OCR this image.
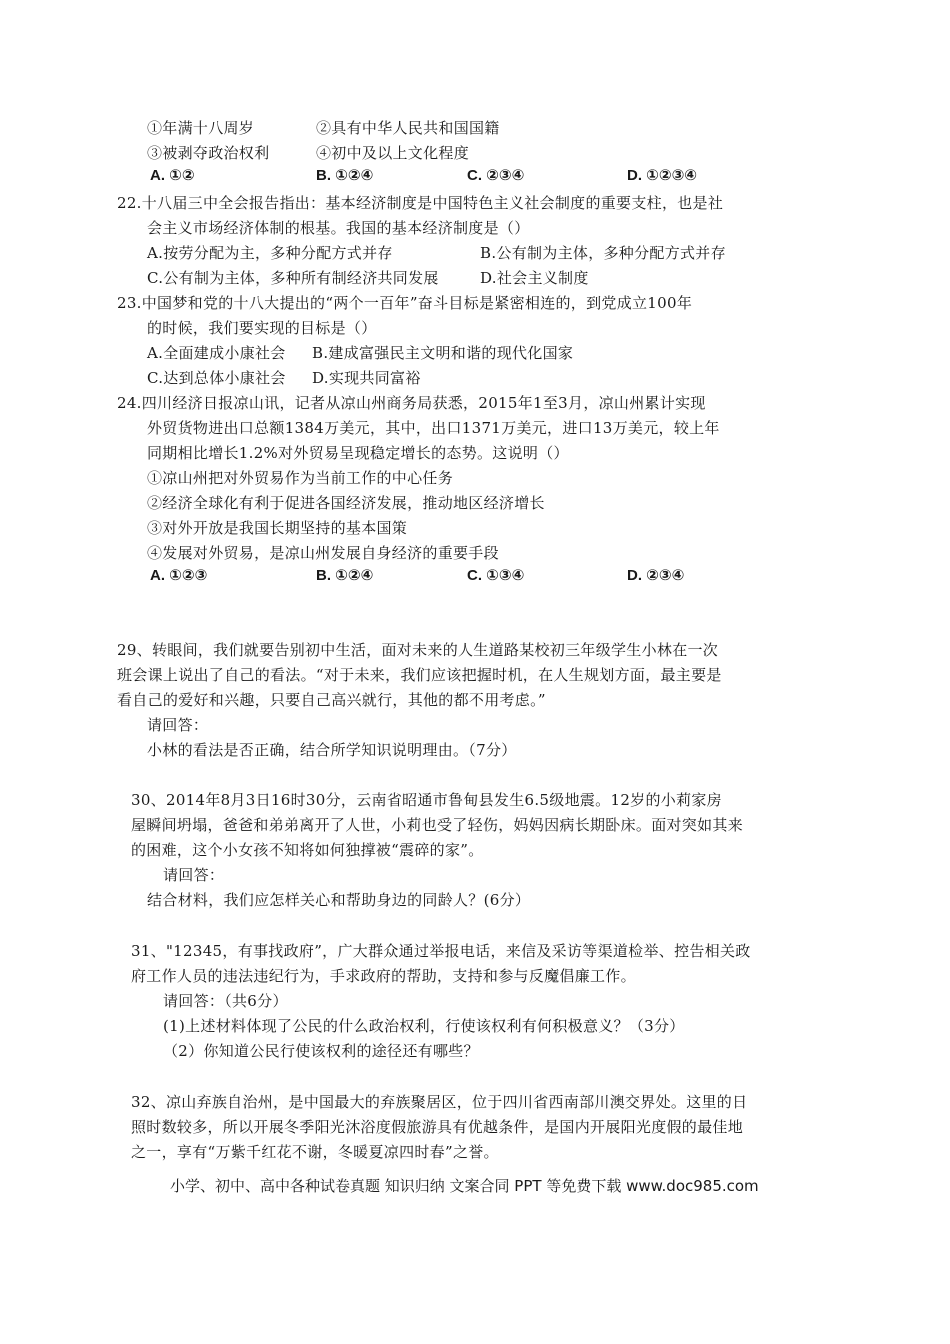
①年满十八周岁	②具有中华人民共和国国籍
③被剥夺政治权利	④初中及以上文化程度
A. ①②	B. ①②④	C. ②③④	D. ①②③④
22.十八届三中全会报告指出：基本经济制度是中国特色主义社会制度的重要支柱，也是社
会主义市场经济体制的根基。我国的基本经济制度是（）
A.按劳分配为主，多种分配方式并存	B.公有制为主体，多种分配方式并存
C.公有制为主体，多种所有制经济共同发展	D.社会主义制度
23.中国梦和党的十八大提出的“两个一百年”奋斗目标是紧密相连的，到党成立100年
的时候，我们要实现的目标是（）
A.全面建成小康社会 B.建成富强民主文明和谐的现代化国家
C.达到总体小康社会 D.实现共同富裕
24.四川经济日报凉山讯，记者从凉山州商务局获悉，2015年1至3月，凉山州累计实现
外贸货物进出口总额1384万美元，其中，出口1371万美元，进口13万美元，较上年
同期相比增长1.2%对外贸易呈现稳定增长的态势。这说明（）
①凉山州把对外贸易作为当前工作的中心任务
②经济全球化有利于促进各国经济发展，推动地区经济增长
③对外开放是我国长期坚持的基本国策
④发展对外贸易，是凉山州发展自身经济的重要手段
A. ①②③	B. ①②④	C. ①③④	D. ②③④
29、转眼间，我们就要告别初中生活，面对未来的人生道路某校初三年级学生小林在一次
班会课上说出了自己的看法。“对于未来，我们应该把握时机，在人生规划方面，最主要是
看自己的爱好和兴趣，只要自己高兴就行，其他的都不用考虑。”
请回答：
小林的看法是否正确，结合所学知识说明理由。（7分）
30、2014年8月3日16时30分，云南省昭通市鲁甸县发生6.5级地震。12岁的小莉家房
屋瞬间坍塌，爸爸和弟弟离开了人世，小莉也受了轻伤，妈妈因病长期卧床。面对突如其来
的困难，这个小女孩不知将如何独撑被“震碎的家”。
请回答：
结合材料，我们应怎样关心和帮助身边的同龄人？(6分）
31、"12345，有事找政府”，广大群众通过举报电话，来信及采访等渠道检举、控告相关政
府工作人员的违法违纪行为，手求政府的帮助，支持和参与反魔倡廉工作。
请回答：（共6分）
(1)上述材料体现了公民的什么政治权利，行使该权利有何积极意义？（3分）
（2）你知道公民行使该权利的途径还有哪些？
32、凉山弃族自治州，是中国最大的弃族聚居区，位于四川省西南部川澳交界处。这里的日
照时数较多，所以开展冬季阳光沐浴度假旅游具有优越条件，是国内开展阳光度假的最佳地
之一，享有“万紫千红花不谢，冬暖夏凉四时春”之誉。
小学、初中、高中各种试卷真题 知识归纳 文案合同 PPT 等免费下载 www.doc985.com
